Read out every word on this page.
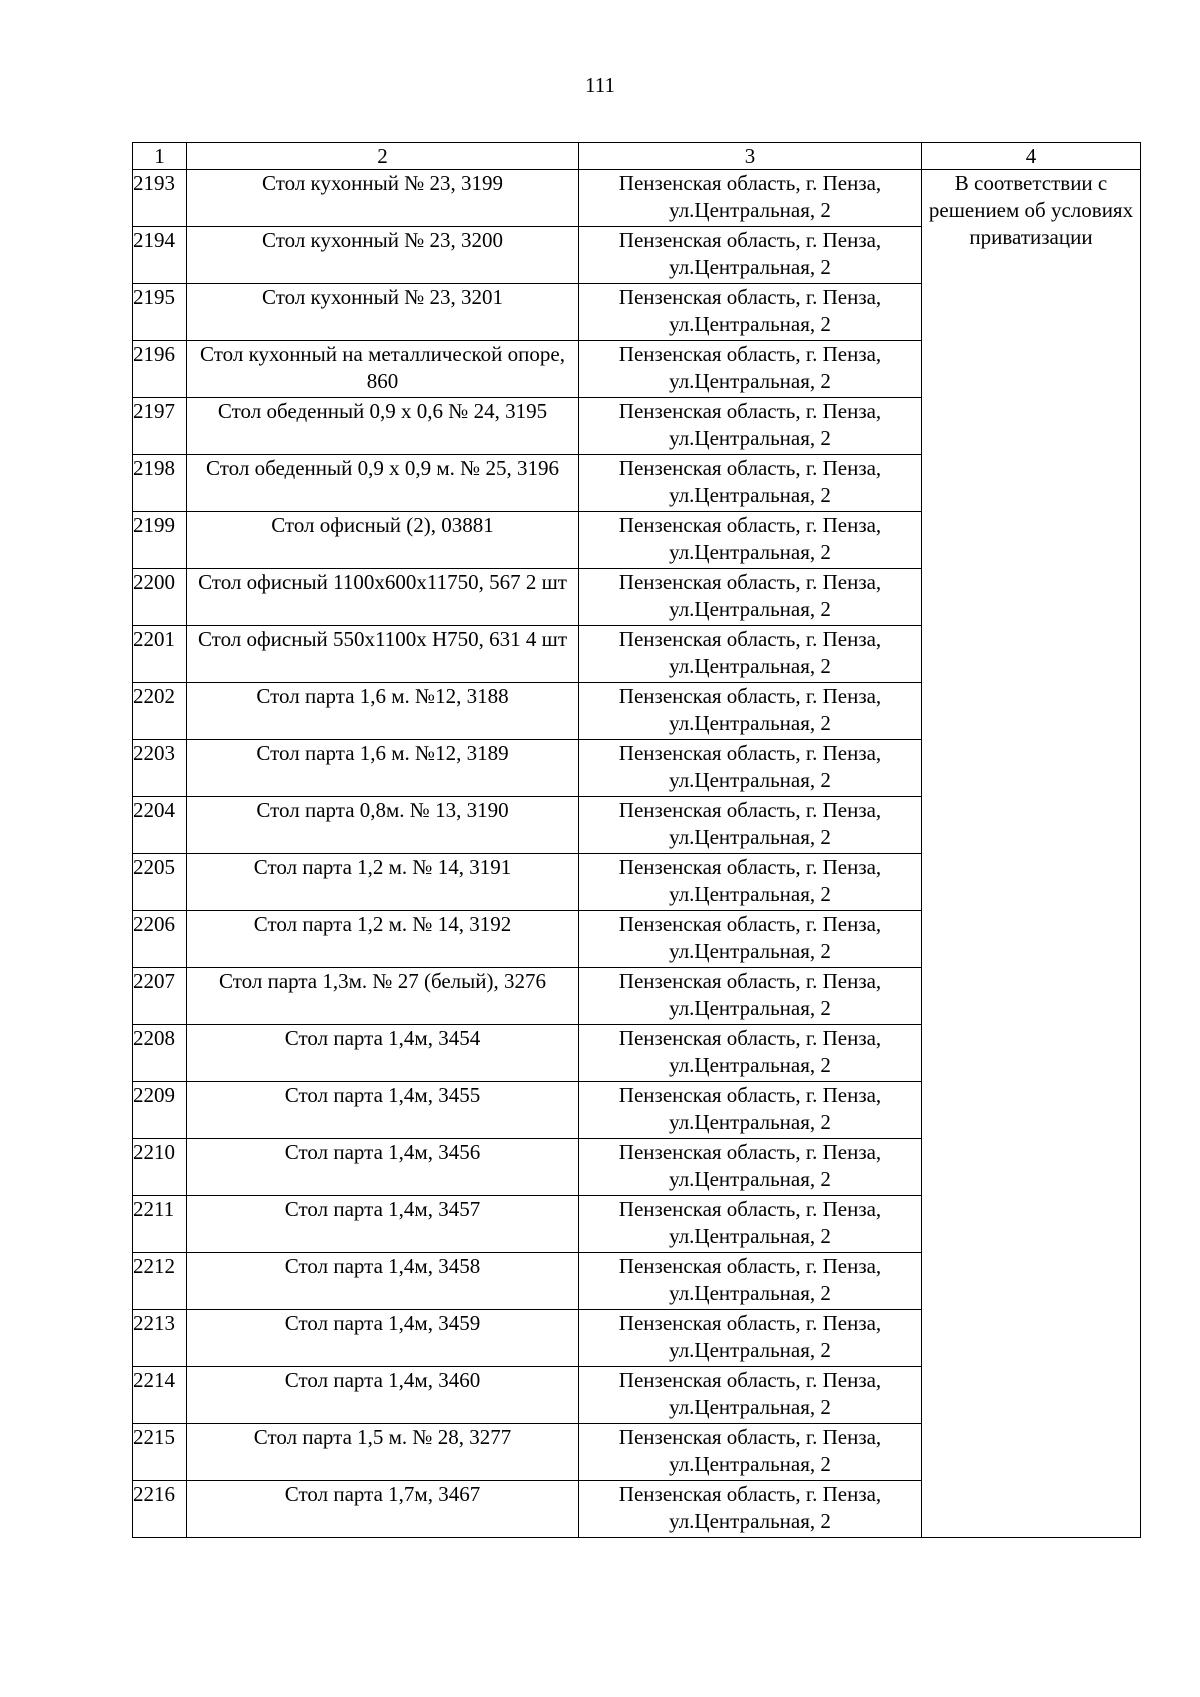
111
1	2	3	4
2193	Стол кухонный № 23, 3199	Пензенская область, г. Пенза, ул.Центральная, 2	В соответствии с решением об условиях приватизации
2194	Стол кухонный № 23, 3200	Пензенская область, г. Пенза, ул.Центральная, 2	
2195	Стол кухонный № 23, 3201	Пензенская область, г. Пенза, ул.Центральная, 2	
2196	Стол кухонный на металлической опоре, 860	Пензенская область, г. Пенза, ул.Центральная, 2	
2197	Стол обеденный 0,9 х 0,6 № 24, 3195	Пензенская область, г. Пенза, ул.Центральная, 2	
2198	Стол обеденный 0,9 х 0,9 м. № 25, 3196	Пензенская область, г. Пенза, ул.Центральная, 2	
2199	Стол офисный (2), 03881	Пензенская область, г. Пенза, ул.Центральная, 2	
2200	Стол офисный 1100х600х11750, 567 2 шт	Пензенская область, г. Пенза, ул.Центральная, 2	
2201	Стол офисный 550х1100х Н750, 631 4 шт	Пензенская область, г. Пенза, ул.Центральная, 2	
2202	Стол парта 1,6 м. №12, 3188	Пензенская область, г. Пенза, ул.Центральная, 2	
2203	Стол парта 1,6 м. №12, 3189	Пензенская область, г. Пенза, ул.Центральная, 2	
2204	Стол парта 0,8м. № 13, 3190	Пензенская область, г. Пенза, ул.Центральная, 2	
2205	Стол парта 1,2 м. № 14, 3191	Пензенская область, г. Пенза, ул.Центральная, 2	
2206	Стол парта 1,2 м. № 14, 3192	Пензенская область, г. Пенза, ул.Центральная, 2	
2207	Стол парта 1,3м. № 27 (белый), 3276	Пензенская область, г. Пенза, ул.Центральная, 2	
2208	Стол парта 1,4м, 3454	Пензенская область, г. Пенза, ул.Центральная, 2	
2209	Стол парта 1,4м, 3455	Пензенская область, г. Пенза, ул.Центральная, 2	
2210	Стол парта 1,4м, 3456	Пензенская область, г. Пенза, ул.Центральная, 2	
2211	Стол парта 1,4м, 3457	Пензенская область, г. Пенза, ул.Центральная, 2	
2212	Стол парта 1,4м, 3458	Пензенская область, г. Пенза, ул.Центральная, 2	
2213	Стол парта 1,4м, 3459	Пензенская область, г. Пенза, ул.Центральная, 2	
2214	Стол парта 1,4м, 3460	Пензенская область, г. Пенза, ул.Центральная, 2	
2215	Стол парта 1,5 м. № 28, 3277	Пензенская область, г. Пенза, ул.Центральная, 2	
2216	Стол парта 1,7м, 3467	Пензенская область, г. Пенза, ул.Центральная, 2	
